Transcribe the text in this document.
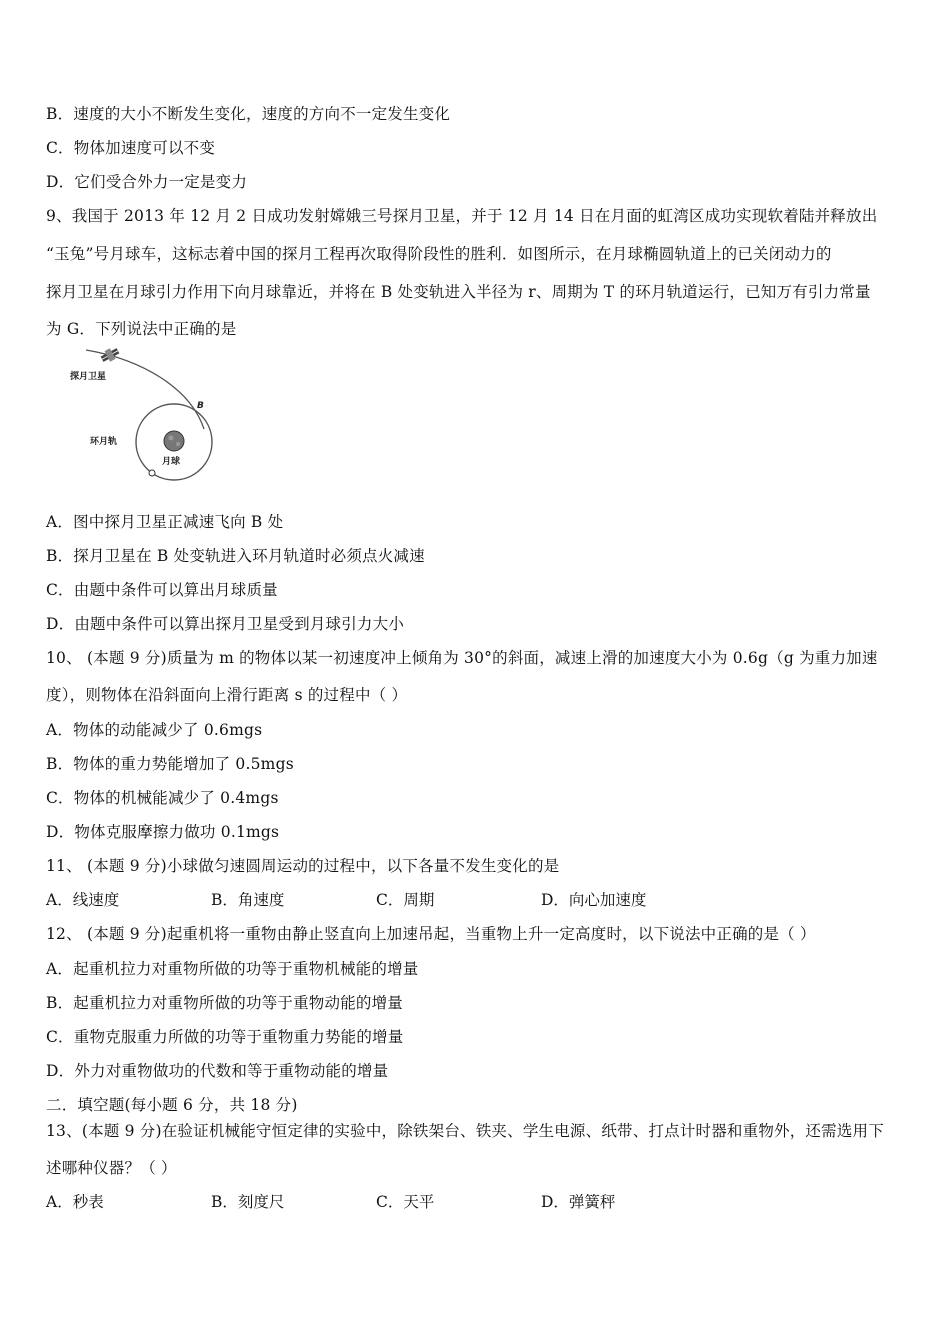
B．速度的大小不断发生变化，速度的方向不一定发生变化
C．物体加速度可以不变
D．它们受合外力一定是变力
9、我国于 2013 年 12 月 2 日成功发射嫦娥三号探月卫星，并于 12 月 14 日在月面的虹湾区成功实现软着陆并释放出
“玉兔”号月球车，这标志着中国的探月工程再次取得阶段性的胜利．如图所示，在月球椭圆轨道上的已关闭动力的
探月卫星在月球引力作用下向月球靠近，并将在 B 处变轨进入半径为 r、周期为 T 的环月轨道运行，已知万有引力常量
为 G．下列说法中正确的是
探月卫星
B
月球
环月轨
A．图中探月卫星正减速飞向 B 处
B．探月卫星在 B 处变轨进入环月轨道时必须点火减速
C．由题中条件可以算出月球质量
D．由题中条件可以算出探月卫星受到月球引力大小
10、 (本题 9 分)质量为 m 的物体以某一初速度冲上倾角为 30°的斜面，减速上滑的加速度大小为 0.6g（g 为重力加速
度），则物体在沿斜面向上滑行距离 s 的过程中（ ）
A．物体的动能减少了 0.6mgs
B．物体的重力势能增加了 0.5mgs
C．物体的机械能减少了 0.4mgs
D．物体克服摩擦力做功 0.1mgs
11、 (本题 9 分)小球做匀速圆周运动的过程中，以下各量不发生变化的是
A．线速度	B．角速度	C．周期	D．向心加速度
12、 (本题 9 分)起重机将一重物由静止竖直向上加速吊起，当重物上升一定高度时，以下说法中正确的是（ ）
A．起重机拉力对重物所做的功等于重物机械能的增量
B．起重机拉力对重物所做的功等于重物动能的增量
C．重物克服重力所做的功等于重物重力势能的增量
D．外力对重物做功的代数和等于重物动能的增量
二．填空题(每小题 6 分，共 18 分)
13、(本题 9 分)在验证机械能守恒定律的实验中，除铁架台、铁夹、学生电源、纸带、打点计时器和重物外，还需选用下
述哪种仪器？（ ）
A．秒表	B．刻度尺	C．天平	D．弹簧秤
